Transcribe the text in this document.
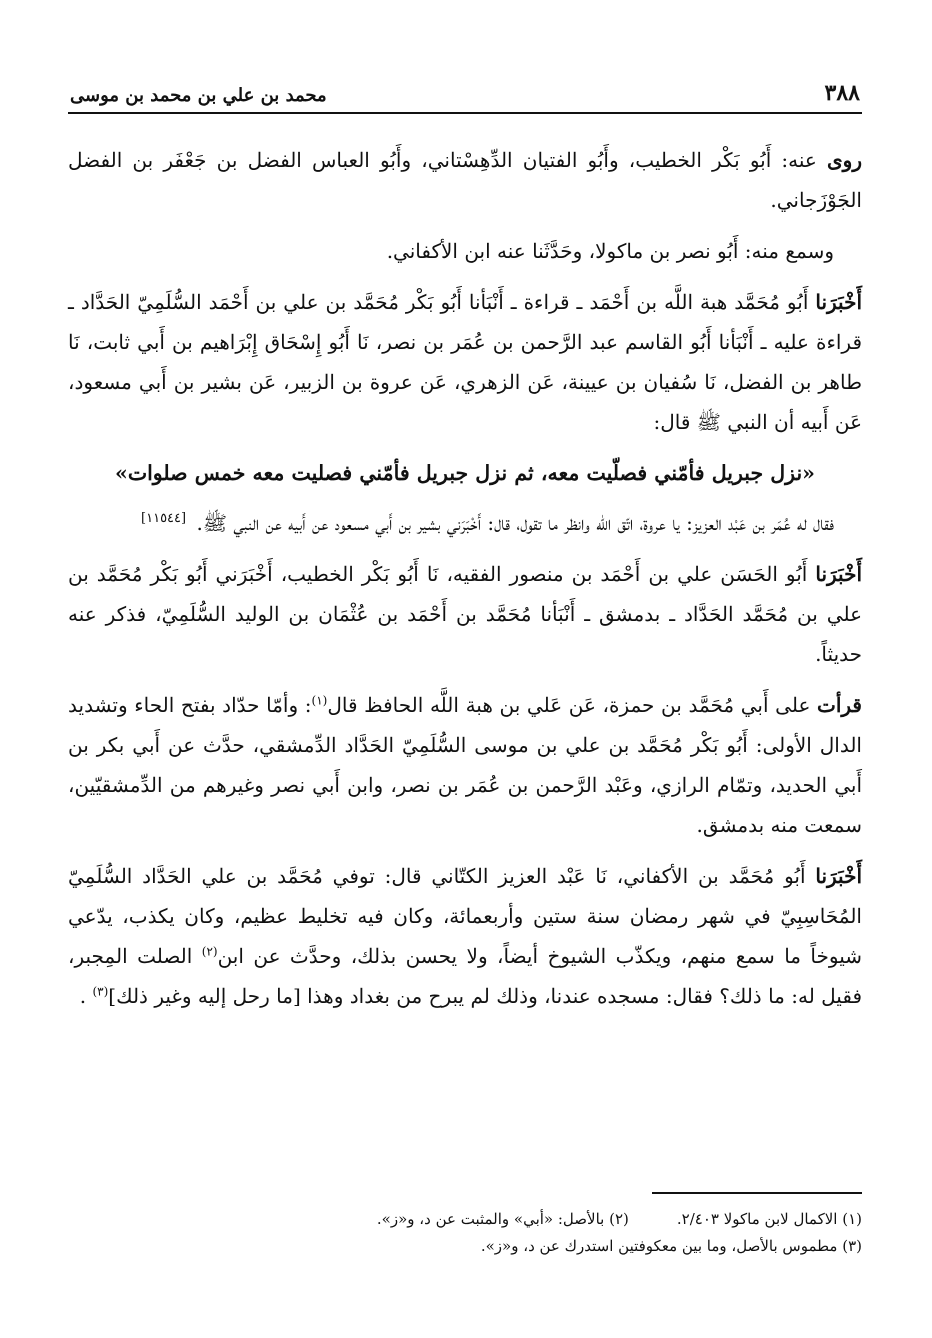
٣٨٨
محمد بن علي بن محمد بن موسى

روى عنه: أَبُو بَكْر الخطيب، وأَبُو الفتيان الدِّهِسْتاني، وأَبُو العباس الفضل بن جَعْفَر بن الفضل الجَوْزَجاني.

وسمع منه: أَبُو نصر بن ماكولا، وحَدَّثَنا عنه ابن الأكفاني.

أَخْبَرَنا أَبُو مُحَمَّد هبة اللَّه بن أَحْمَد ـ قراءة ـ أَنْبَأنا أَبُو بَكْر مُحَمَّد بن علي بن أَحْمَد السُّلَمِيّ الحَدَّاد ـ قراءة عليه ـ أَنْبَأنا أَبُو القاسم عبد الرَّحمن بن عُمَر بن نصر، نَا أَبُو إِسْحَاق إِبْرَاهيم بن أَبي ثابت، نَا طاهر بن الفضل، نَا سُفيان بن عيينة، عَن الزهري، عَن عروة بن الزبير، عَن بشير بن أَبي مسعود، عَن أَبيه أن النبي ﷺ قال:

«نزل جبريل فأمّني فصلّيت معه، ثم نزل جبريل فأمّني فصليت معه خمس صلوات»

فقال له عُمَر بن عَبْد العزيز: يا عروة، اتّق اللّه وانظر ما تقول، قال: أَخْبَرَني بشير بن أَبي مسعود عن أَبيه عن النبي ﷺ. [١١٥٤٤]

أَخْبَرَنا أَبُو الحَسَن علي بن أَحْمَد بن منصور الفقيه، نَا أَبُو بَكْر الخطيب، أَخْبَرَني أَبُو بَكْر مُحَمَّد بن علي بن مُحَمَّد الحَدَّاد ـ بدمشق ـ أَنْبَأنا مُحَمَّد بن أَحْمَد بن عُثْمَان بن الوليد السُّلَمِيّ، فذكر عنه حديثاً.

قرأت على أَبي مُحَمَّد بن حمزة، عَن عَلي بن هبة اللَّه الحافظ قال$^{(١)}$: وأمّا حدّاد بفتح الحاء وتشديد الدال الأولى: أَبُو بَكْر مُحَمَّد بن علي بن موسى السُّلَمِيّ الحَدَّاد الدِّمشقي، حدَّث عن أَبي بكر بن أَبي الحديد، وتمّام الرازي، وعَبْد الرَّحمن بن عُمَر بن نصر، وابن أَبي نصر وغيرهم من الدِّمشقيّين، سمعت منه بدمشق.

أَخْبَرَنا أَبُو مُحَمَّد بن الأكفاني، نَا عَبْد العزيز الكتّاني قال: توفي مُحَمَّد بن علي الحَدَّاد السُّلَمِيّ المُحَاسِبِيّ في شهر رمضان سنة ستين وأربعمائة، وكان فيه تخليط عظيم، وكان يكذب، يدّعي شيوخاً ما سمع منهم، ويكذّب الشيوخ أيضاً، ولا يحسن بذلك، وحدَّث عن ابن$^{(٢)}$ الصلت المِجبر، فقيل له: ما ذلك؟ فقال: مسجده عندنا، وذلك لم يبرح من بغداد وهذا [ما رحل إليه وغير ذلك]$^{(٣)}$ .

(١) الاكمال لابن ماكولا ٢/٤٠٣.
(٢) بالأصل: «أبي» والمثبت عن د، و«ز».
(٣) مطموس بالأصل، وما بين معكوفتين استدرك عن د، و«ز».
